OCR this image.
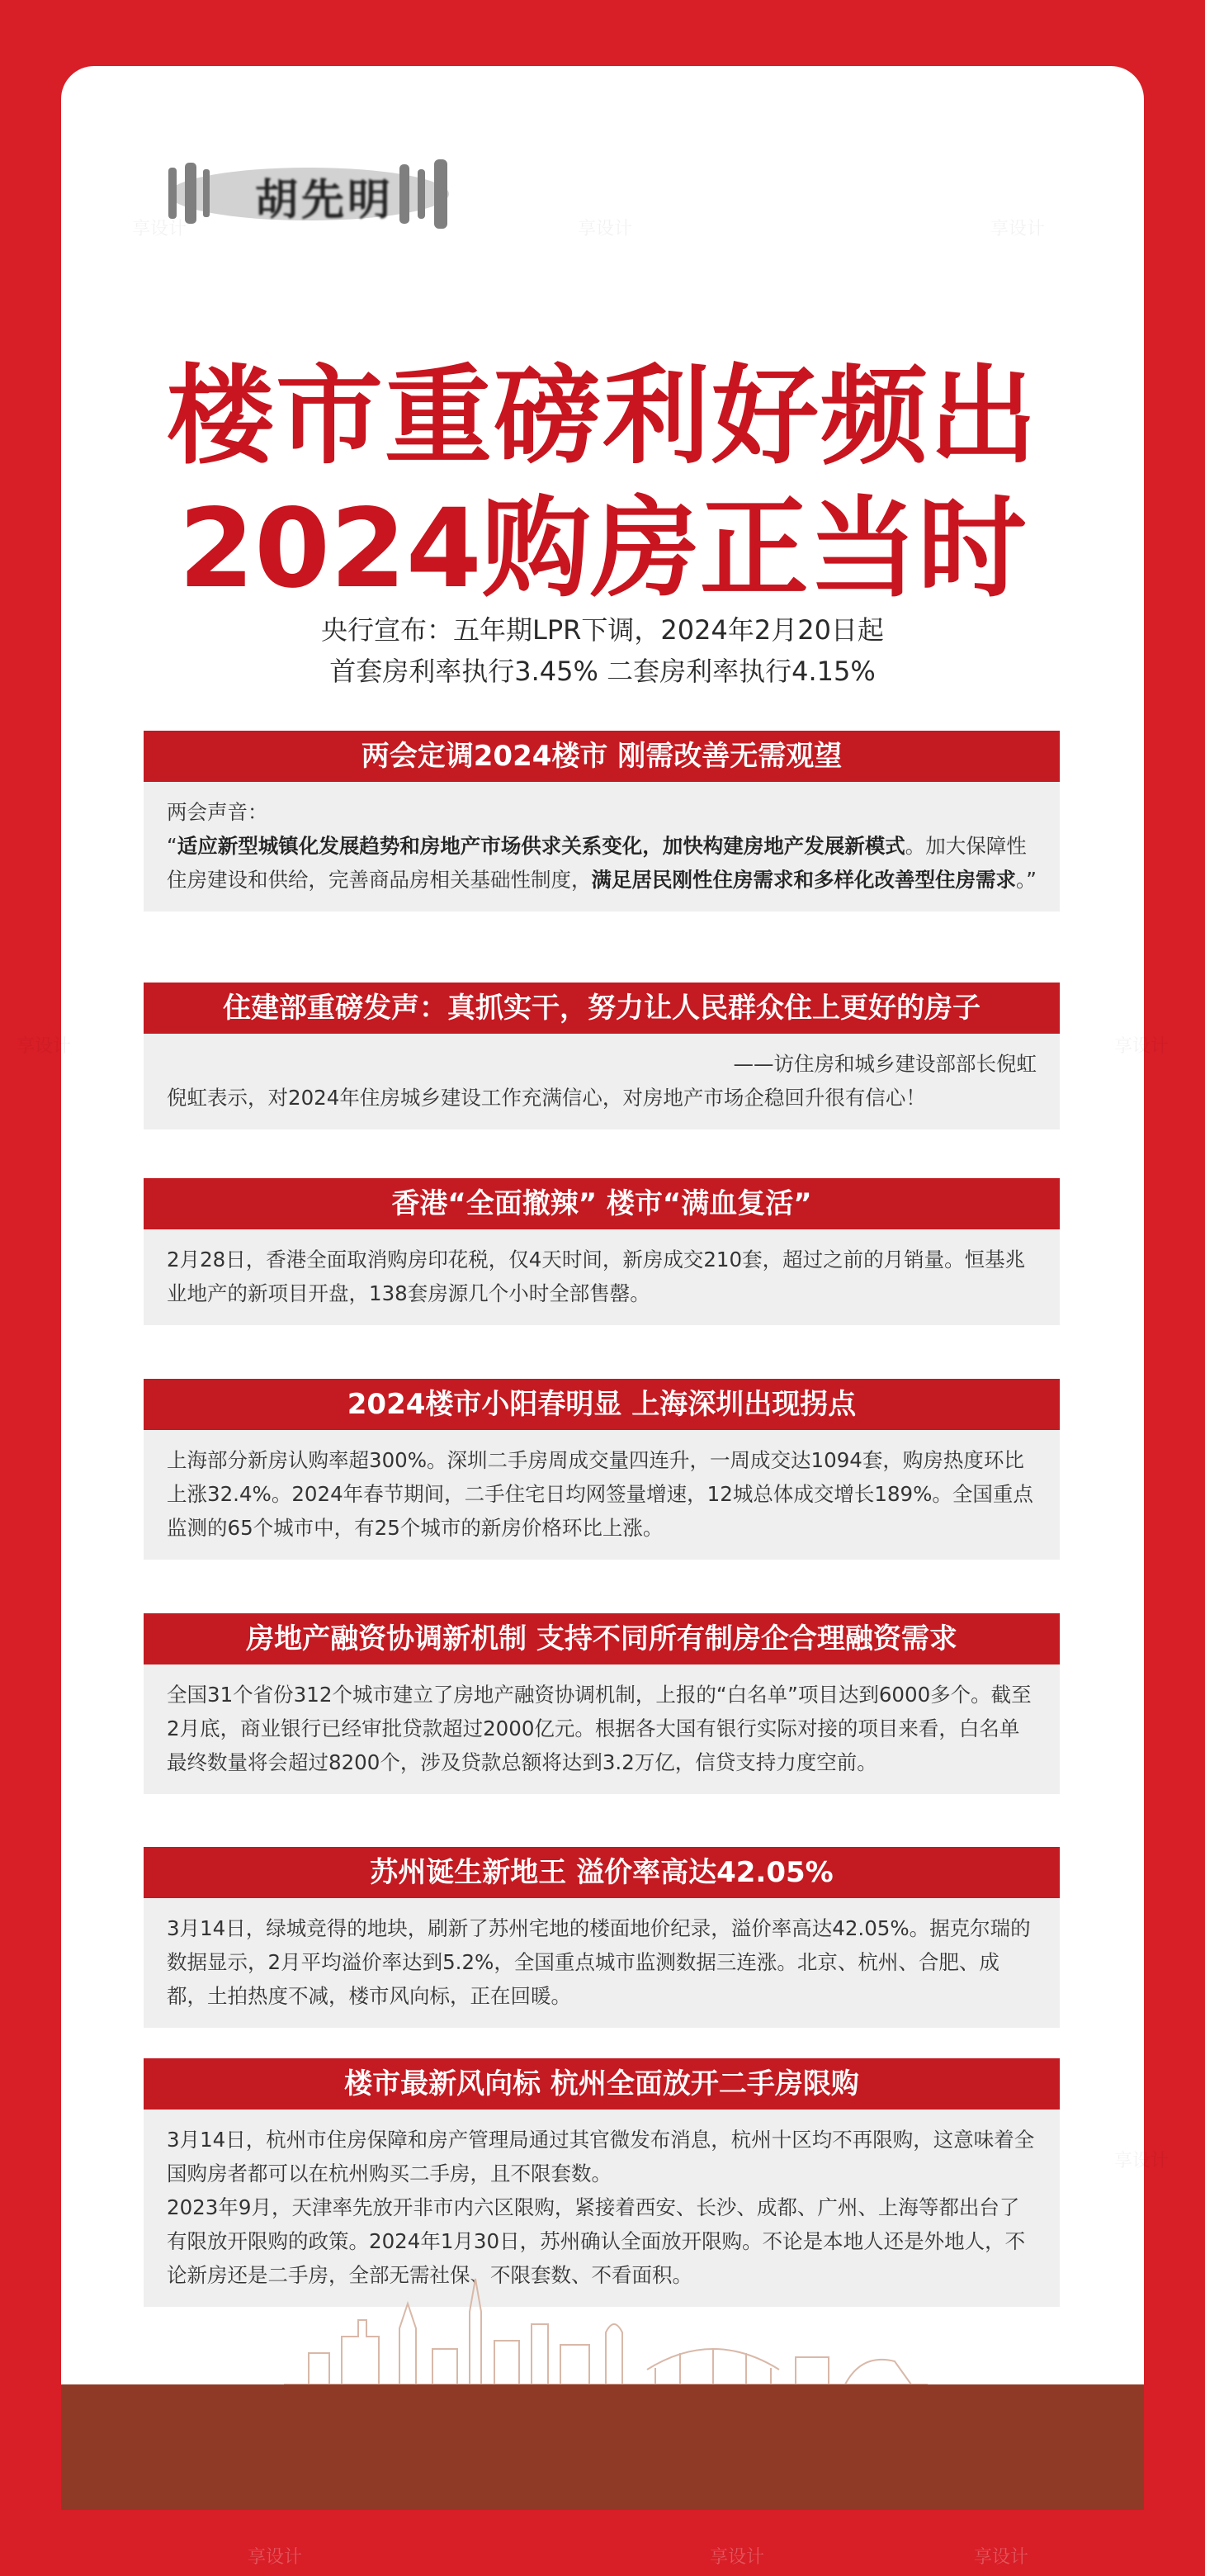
胡先明
楼市重磅利好频出
2024购房正当时
央行宣布：五年期LPR下调，2024年2月20日起
首套房利率执行3.45% 二套房利率执行4.15%
两会定调2024楼市 刚需改善无需观望

两会声音：

“适应新型城镇化发展趋势和房地产市场供求关系变化，加快构建房地产发展新模式。加大保障性住房建设和供给，完善商品房相关基础性制度，满足居民刚性住房需求和多样化改善型住房需求。”

住建部重磅发声：真抓实干，努力让人民群众住上更好的房子

——访住房和城乡建设部部长倪虹

倪虹表示，对2024年住房城乡建设工作充满信心，对房地产市场企稳回升很有信心！

香港“全面撤辣” 楼市“满血复活”

2月28日，香港全面取消购房印花税，仅4天时间，新房成交210套，超过之前的月销量。恒基兆业地产的新项目开盘，138套房源几个小时全部售罄。

2024楼市小阳春明显 上海深圳出现拐点

上海部分新房认购率超300%。深圳二手房周成交量四连升，一周成交达1094套，购房热度环比上涨32.4%。2024年春节期间，二手住宅日均网签量增速，12城总体成交增长189%。全国重点监测的65个城市中，有25个城市的新房价格环比上涨。

房地产融资协调新机制 支持不同所有制房企合理融资需求

全国31个省份312个城市建立了房地产融资协调机制，上报的“白名单”项目达到6000多个。截至2月底，商业银行已经审批贷款超过2000亿元。根据各大国有银行实际对接的项目来看，白名单最终数量将会超过8200个，涉及贷款总额将达到3.2万亿，信贷支持力度空前。

苏州诞生新地王 溢价率高达42.05%

3月14日，绿城竞得的地块，刷新了苏州宅地的楼面地价纪录，溢价率高达42.05%。据克尔瑞的数据显示，2月平均溢价率达到5.2%，全国重点城市监测数据三连涨。北京、杭州、合肥、成都，土拍热度不减，楼市风向标，正在回暖。

楼市最新风向标 杭州全面放开二手房限购

3月14日，杭州市住房保障和房产管理局通过其官微发布消息，杭州十区均不再限购，这意味着全国购房者都可以在杭州购买二手房，且不限套数。

2023年9月，天津率先放开非市内六区限购，紧接着西安、长沙、成都、广州、上海等都出台了有限放开限购的政策。2024年1月30日，苏州确认全面放开限购。不论是本地人还是外地人，不论新房还是二手房，全部无需社保、不限套数、不看面积。

享设计	享设计	享设计
享设计
享设计
享设计
享设计
享设计	享设计
